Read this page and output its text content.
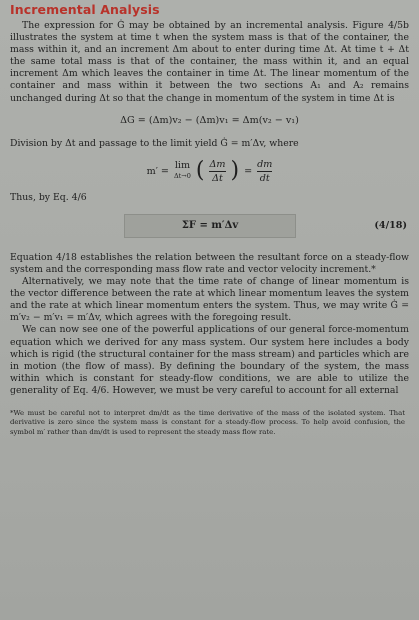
Incremental Analysis

The expression for Ġ may be obtained by an incremental analysis. Figure 4/5b illustrates the system at time t when the system mass is that of the container, the mass within it, and an increment Δm about to enter during time Δt. At time t + Δt the same total mass is that of the container, the mass within it, and an equal increment Δm which leaves the container in time Δt. The linear momentum of the container and mass within it between the two sections A₁ and A₂ remains unchanged during Δt so that the change in momentum of the system in time Δt is

ΔG = (Δm)v₂ − (Δm)v₁ = Δm(v₂ − v₁)

Division by Δt and passage to the limit yield Ġ = m′Δv, where

m′ = lim
Δt→0 ( $\frac{\Delta m}{\Delta t}$ ) = $\frac{dm}{dt}$

Thus, by Eq. 4/6

ΣF = m′Δv	(4/18)

Equation 4/18 establishes the relation between the resultant force on a steady-flow system and the corresponding mass flow rate and vector velocity increment.*

Alternatively, we may note that the time rate of change of linear momentum is the vector difference between the rate at which linear momentum leaves the system and the rate at which linear momentum enters the system. Thus, we may write Ġ = m′v₂ − m′v₁ = m′Δv, which agrees with the foregoing result.

We can now see one of the powerful applications of our general force-momentum equation which we derived for any mass system. Our system here includes a body which is rigid (the structural container for the mass stream) and particles which are in motion (the flow of mass). By defining the boundary of the system, the mass within which is constant for steady-flow conditions, we are able to utilize the generality of Eq. 4/6. However, we must be very careful to account for all external

*We must be careful not to interpret dm/dt as the time derivative of the mass of the isolated system. That derivative is zero since the system mass is constant for a steady-flow process. To help avoid confusion, the symbol m′ rather than dm/dt is used to represent the steady mass flow rate.
